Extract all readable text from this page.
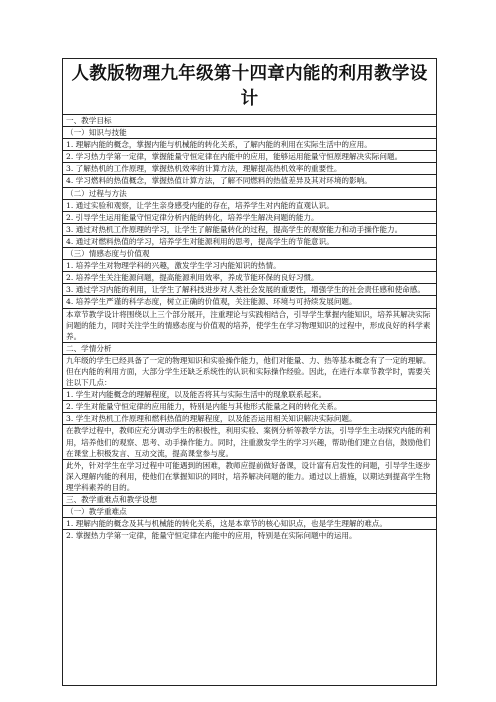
人教版物理九年级第十四章内能的利用教学设计
一、教学目标
（一）知识与技能
1. 理解内能的概念，掌握内能与机械能的转化关系，了解内能的利用在实际生活中的应用。
2. 学习热力学第一定律，掌握能量守恒定律在内能中的应用，能够运用能量守恒原理解决实际问题。
3. 了解热机的工作原理，掌握热机效率的计算方法，理解提高热机效率的重要性。
4. 学习燃料的热值概念，掌握热值计算方法，了解不同燃料的热值差异及其对环境的影响。
（二）过程与方法
1. 通过实验和观察，让学生亲身感受内能的存在，培养学生对内能的直观认识。
2. 引导学生运用能量守恒定律分析内能的转化，培养学生解决问题的能力。
3. 通过对热机工作原理的学习，让学生了解能量转化的过程，提高学生的观察能力和动手操作能力。
4. 通过对燃料热值的学习，培养学生对能源利用的思考，提高学生的节能意识。
（三）情感态度与价值观
1. 培养学生对物理学科的兴趣，激发学生学习内能知识的热情。
2. 培养学生关注能源问题，提高能源利用效率，养成节能环保的良好习惯。
3. 通过学习内能的利用，让学生了解科技进步对人类社会发展的重要性，增强学生的社会责任感和使命感。
4. 培养学生严谨的科学态度，树立正确的价值观，关注能源、环境与可持续发展问题。
本章节教学设计将围绕以上三个部分展开，注重理论与实践相结合，引导学生掌握内能知识，培养其解决实际问题的能力，同时关注学生的情感态度与价值观的培养，使学生在学习物理知识的过程中，形成良好的科学素养。
二、学情分析
九年级的学生已经具备了一定的物理知识和实验操作能力，他们对能量、力、热等基本概念有了一定的理解。但在内能的利用方面，大部分学生还缺乏系统性的认识和实际操作经验。因此，在进行本章节教学时，需要关注以下几点：
1. 学生对内能概念的理解程度，以及能否将其与实际生活中的现象联系起来。
2. 学生对能量守恒定律的应用能力，特别是内能与其他形式能量之间的转化关系。
3. 学生对热机工作原理和燃料热值的理解程度，以及能否运用相关知识解决实际问题。
在教学过程中，教师应充分调动学生的积极性，利用实验、案例分析等教学方法，引导学生主动探究内能的利用，培养他们的观察、思考、动手操作能力。同时，注重激发学生的学习兴趣，帮助他们建立自信，鼓励他们在课堂上积极发言、互动交流，提高课堂参与度。
此外，针对学生在学习过程中可能遇到的困难，教师应提前做好备课，设计富有启发性的问题，引导学生逐步深入理解内能的利用，使他们在掌握知识的同时，培养解决问题的能力。通过以上措施，以期达到提高学生物理学科素养的目的。
三、教学重难点和教学设想
（一）教学重难点
1. 理解内能的概念及其与机械能的转化关系，这是本章节的核心知识点，也是学生理解的难点。
2. 掌握热力学第一定律，能量守恒定律在内能中的应用，特别是在实际问题中的运用。
